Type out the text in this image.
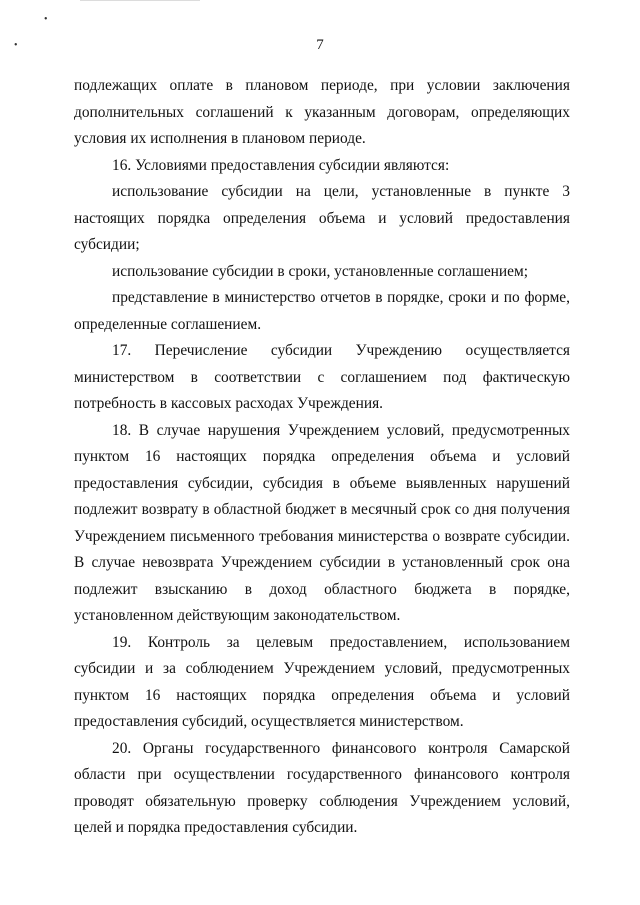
•
•	7

подлежащих оплате в плановом периоде, при условии заключения дополнительных соглашений к указанным договорам, определяющих условия их исполнения в плановом периоде.

16. Условиями предоставления субсидии являются:

использование субсидии на цели, установленные в пункте 3 настоящих порядка определения объема и условий предоставления субсидии;

использование субсидии в сроки, установленные соглашением;

представление в министерство отчетов в порядке, сроки и по форме, определенные соглашением.

17. Перечисление субсидии Учреждению осуществляется министерством в соответствии с соглашением под фактическую потребность в кассовых расходах Учреждения.

18. В случае нарушения Учреждением условий, предусмотренных пунктом 16 настоящих порядка определения объема и условий предоставления субсидии, субсидия в объеме выявленных нарушений подлежит возврату в областной бюджет в месячный срок со дня получения Учреждением письменного требования министерства о возврате субсидии. В случае невозврата Учреждением субсидии в установленный срок она подлежит взысканию в доход областного бюджета в порядке, установленном действующим законодательством.

19. Контроль за целевым предоставлением, использованием субсидии и за соблюдением Учреждением условий, предусмотренных пунктом 16 настоящих порядка определения объема и условий предоставления субсидий, осуществляется министерством.

20. Органы государственного финансового контроля Самарской области при осуществлении государственного финансового контроля проводят обязательную проверку соблюдения Учреждением условий, целей и порядка предоставления субсидии.
